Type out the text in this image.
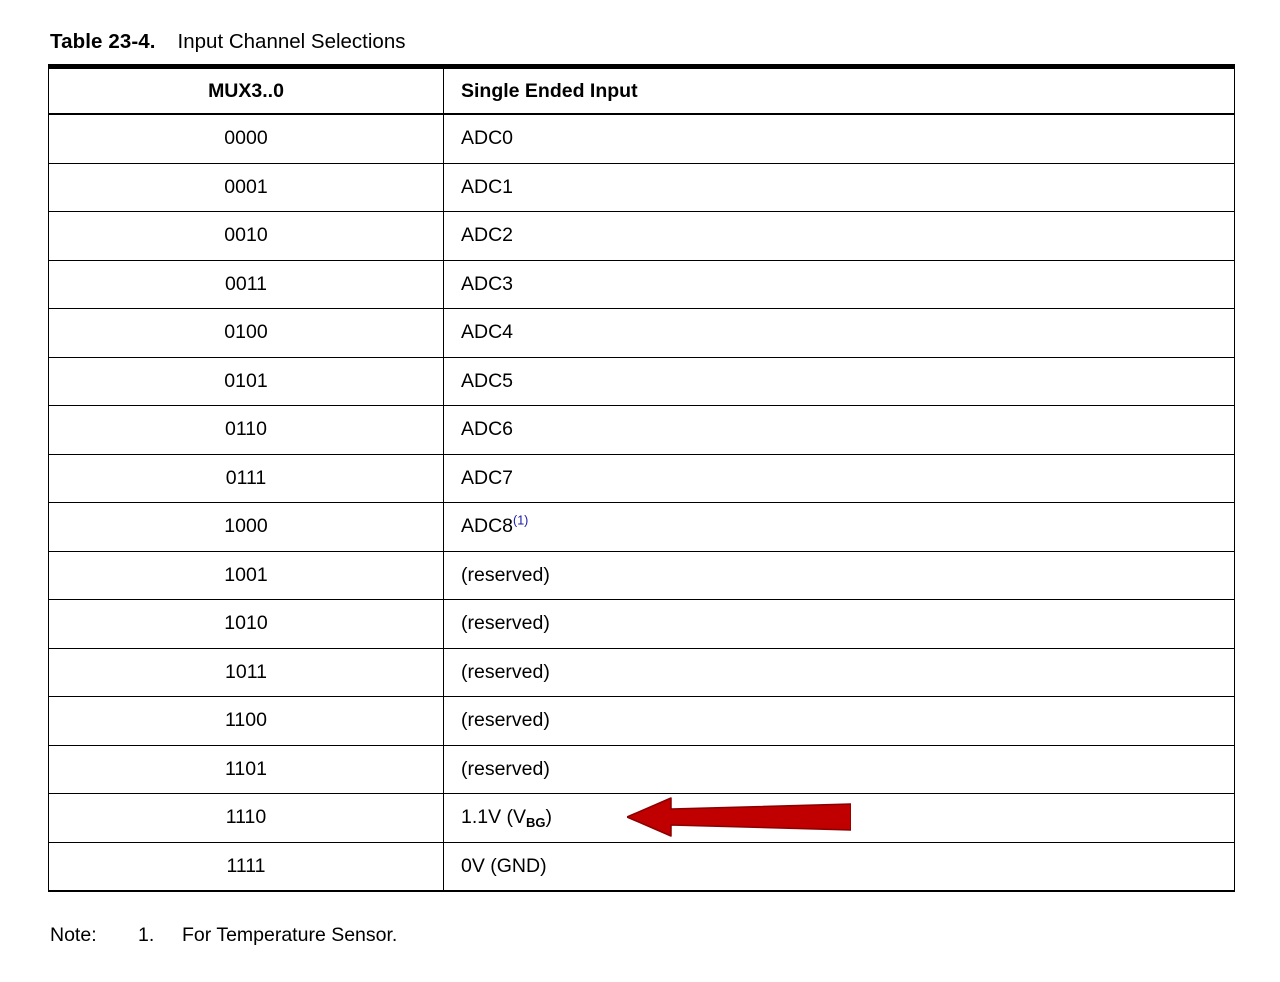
Table 23-4. Input Channel Selections
MUX3..0	Single Ended Input
0000	ADC0
0001	ADC1
0010	ADC2
0011	ADC3
0100	ADC4
0101	ADC5
0110	ADC6
0111	ADC7
1000	ADC8$^{(1)}$
1001	(reserved)
1010	(reserved)
1011	(reserved)
1100	(reserved)
1101	(reserved)
1110	1.1V $(V_{BG})$
1111	0V (GND)
Note:	1.	For Temperature Sensor.
